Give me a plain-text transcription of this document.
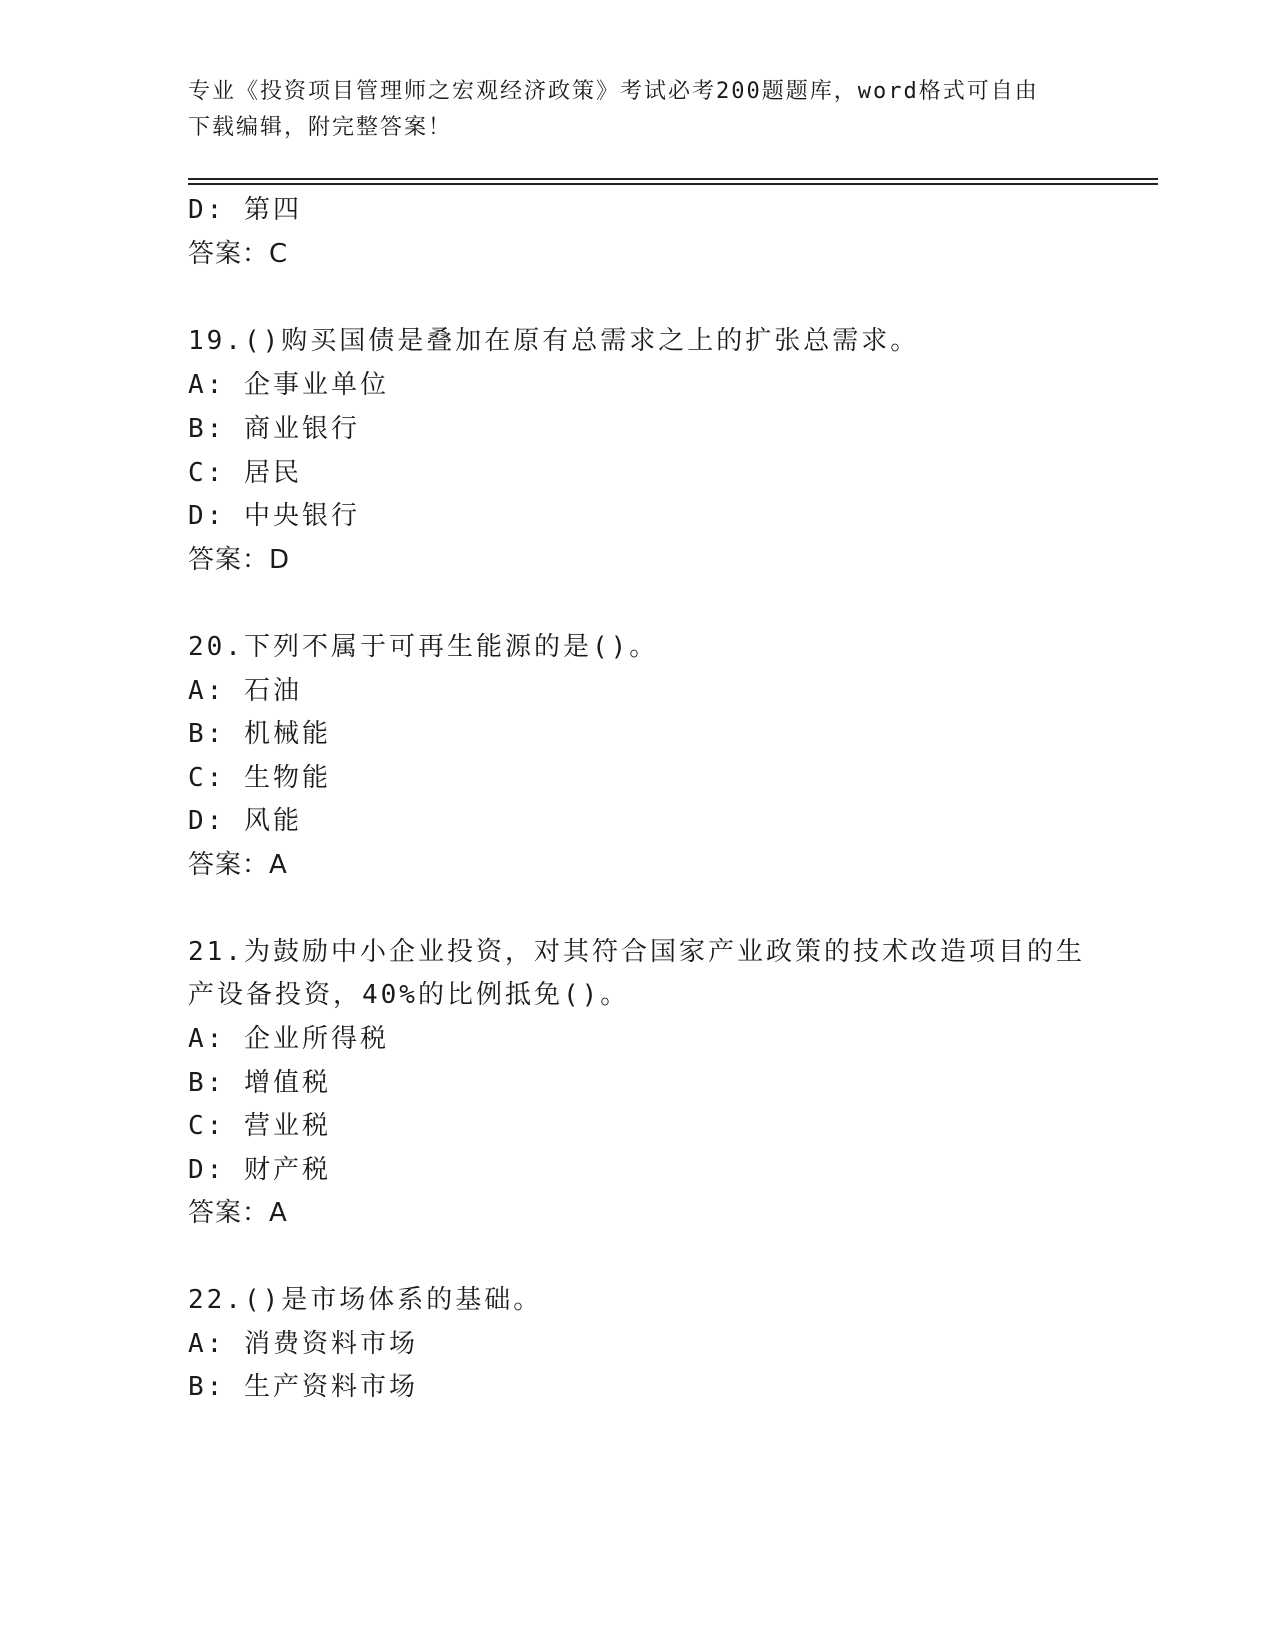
专业《投资项目管理师之宏观经济政策》考试必考200题题库，word格式可自由
下载编辑，附完整答案！
D: 第四
答案：C
19.()购买国债是叠加在原有总需求之上的扩张总需求。
A: 企事业单位
B: 商业银行
C: 居民
D: 中央银行
答案：D
20.下列不属于可再生能源的是()。
A: 石油
B: 机械能
C: 生物能
D: 风能
答案：A
21.为鼓励中小企业投资，对其符合国家产业政策的技术改造项目的生
产设备投资，40%的比例抵免()。
A: 企业所得税
B: 增值税
C: 营业税
D: 财产税
答案：A
22.()是市场体系的基础。
A: 消费资料市场
B: 生产资料市场
